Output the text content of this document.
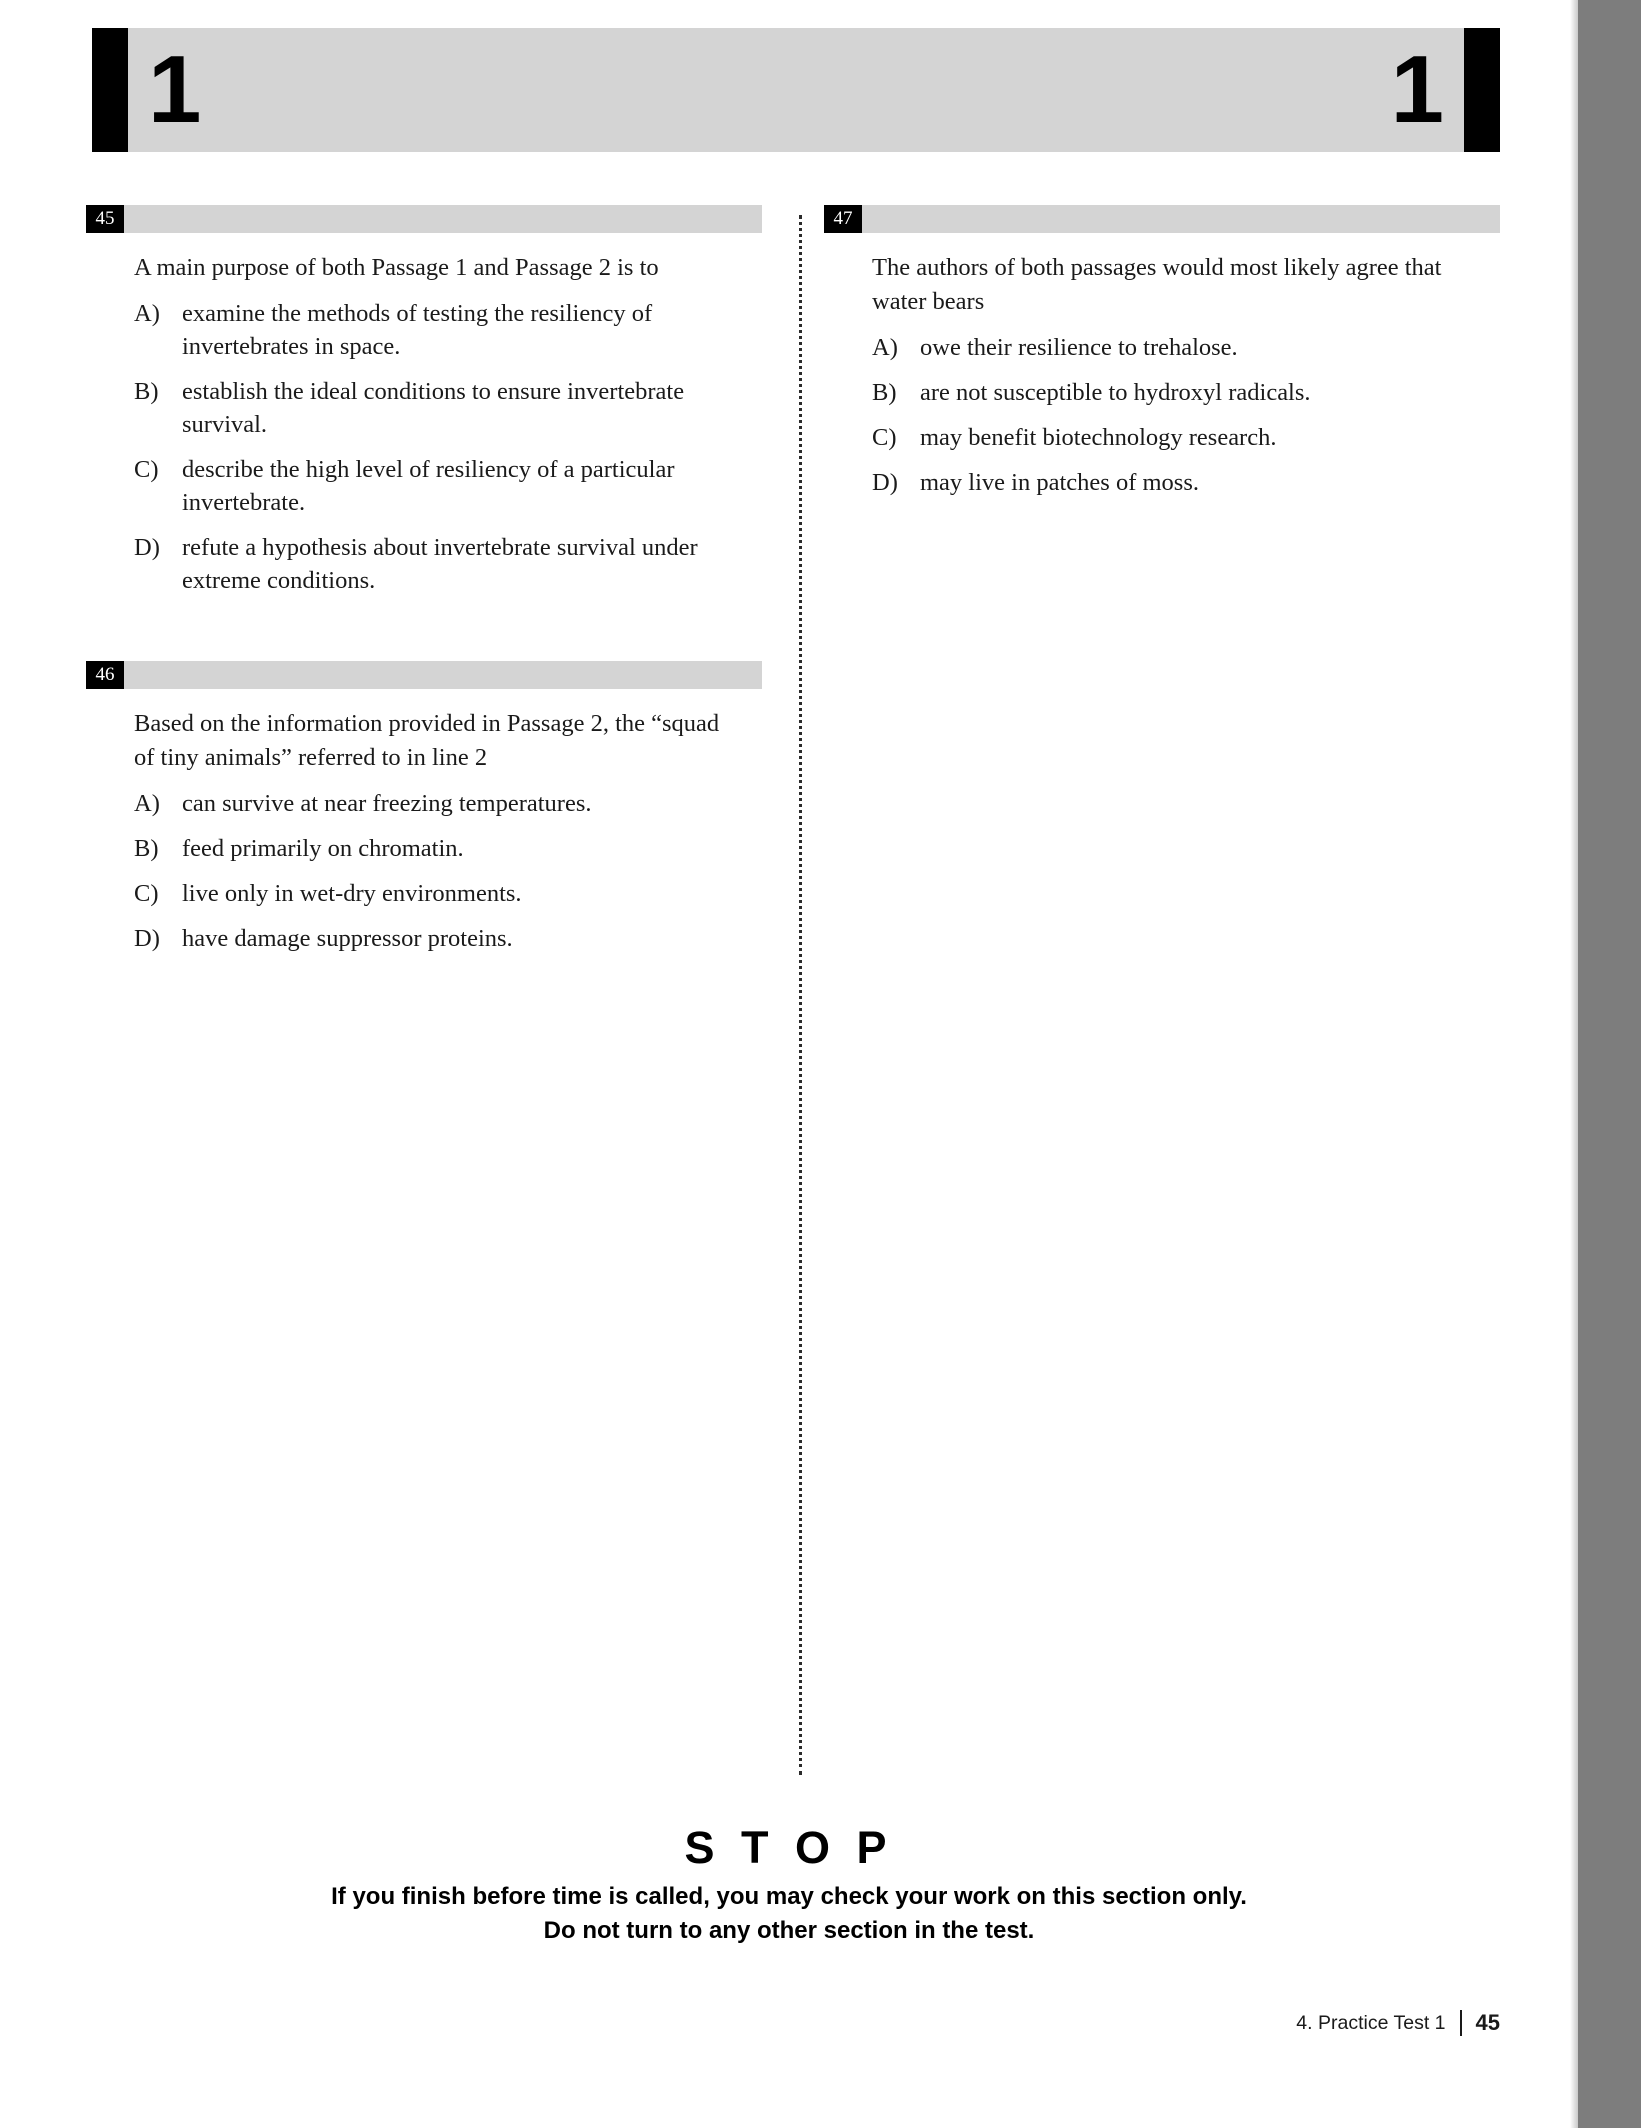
1	1
45

A main purpose of both Passage 1 and Passage 2 is to

A) examine the methods of testing the resiliency of invertebrates in space.
B) establish the ideal conditions to ensure invertebrate survival.
C) describe the high level of resiliency of a particular invertebrate.
D) refute a hypothesis about invertebrate survival under extreme conditions.
46

Based on the information provided in Passage 2, the “squad of tiny animals” referred to in line 2

A) can survive at near freezing temperatures.
B) feed primarily on chromatin.
C) live only in wet-dry environments.
D) have damage suppressor proteins.
47

The authors of both passages would most likely agree that water bears

A) owe their resilience to trehalose.
B) are not susceptible to hydroxyl radicals.
C) may benefit biotechnology research.
D) may live in patches of moss.
S T O P
If you finish before time is called, you may check your work on this section only.
Do not turn to any other section in the test.
4. Practice Test 1 45
